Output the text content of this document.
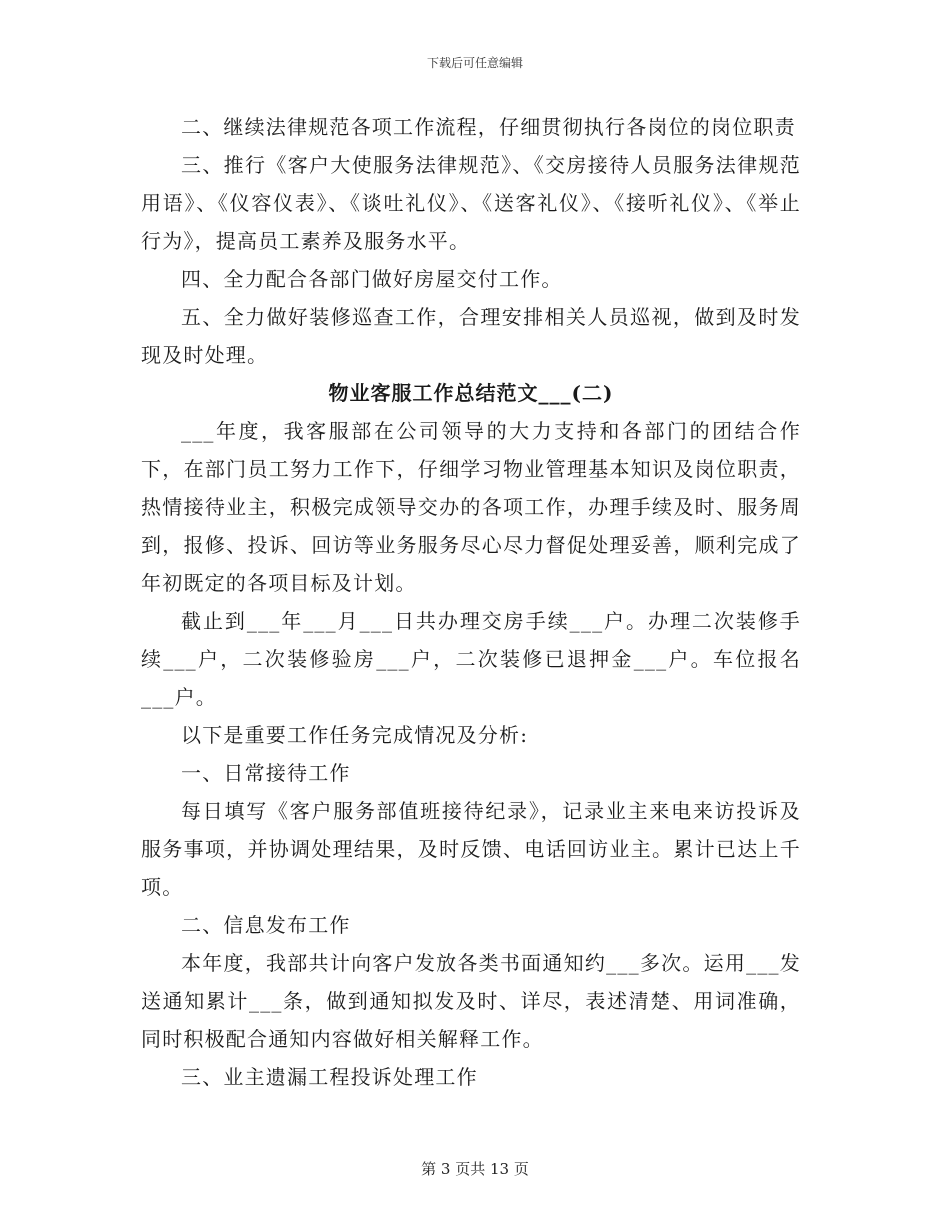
下载后可任意编辑

二、继续法律规范各项工作流程，仔细贯彻执行各岗位的岗位职责

三、推行《客户大使服务法律规范》、《交房接待人员服务法律规范用语》、《仪容仪表》、《谈吐礼仪》、《送客礼仪》、《接听礼仪》、《举止行为》，提高员工素养及服务水平。

四、全力配合各部门做好房屋交付工作。

五、全力做好装修巡查工作，合理安排相关人员巡视，做到及时发现及时处理。

物业客服工作总结范文___(二)

___年度，我客服部在公司领导的大力支持和各部门的团结合作下，在部门员工努力工作下，仔细学习物业管理基本知识及岗位职责，热情接待业主，积极完成领导交办的各项工作，办理手续及时、服务周到，报修、投诉、回访等业务服务尽心尽力督促处理妥善，顺利完成了年初既定的各项目标及计划。

截止到___年___月___日共办理交房手续___户。办理二次装修手续___户，二次装修验房___户，二次装修已退押金___户。车位报名___户。

以下是重要工作任务完成情况及分析:

一、日常接待工作

每日填写《客户服务部值班接待纪录》，记录业主来电来访投诉及服务事项，并协调处理结果，及时反馈、电话回访业主。累计已达上千项。

二、信息发布工作

本年度，我部共计向客户发放各类书面通知约___多次。运用___发送通知累计___条，做到通知拟发及时、详尽，表述清楚、用词准确，同时积极配合通知内容做好相关解释工作。

三、业主遗漏工程投诉处理工作

第 3 页共 13 页
